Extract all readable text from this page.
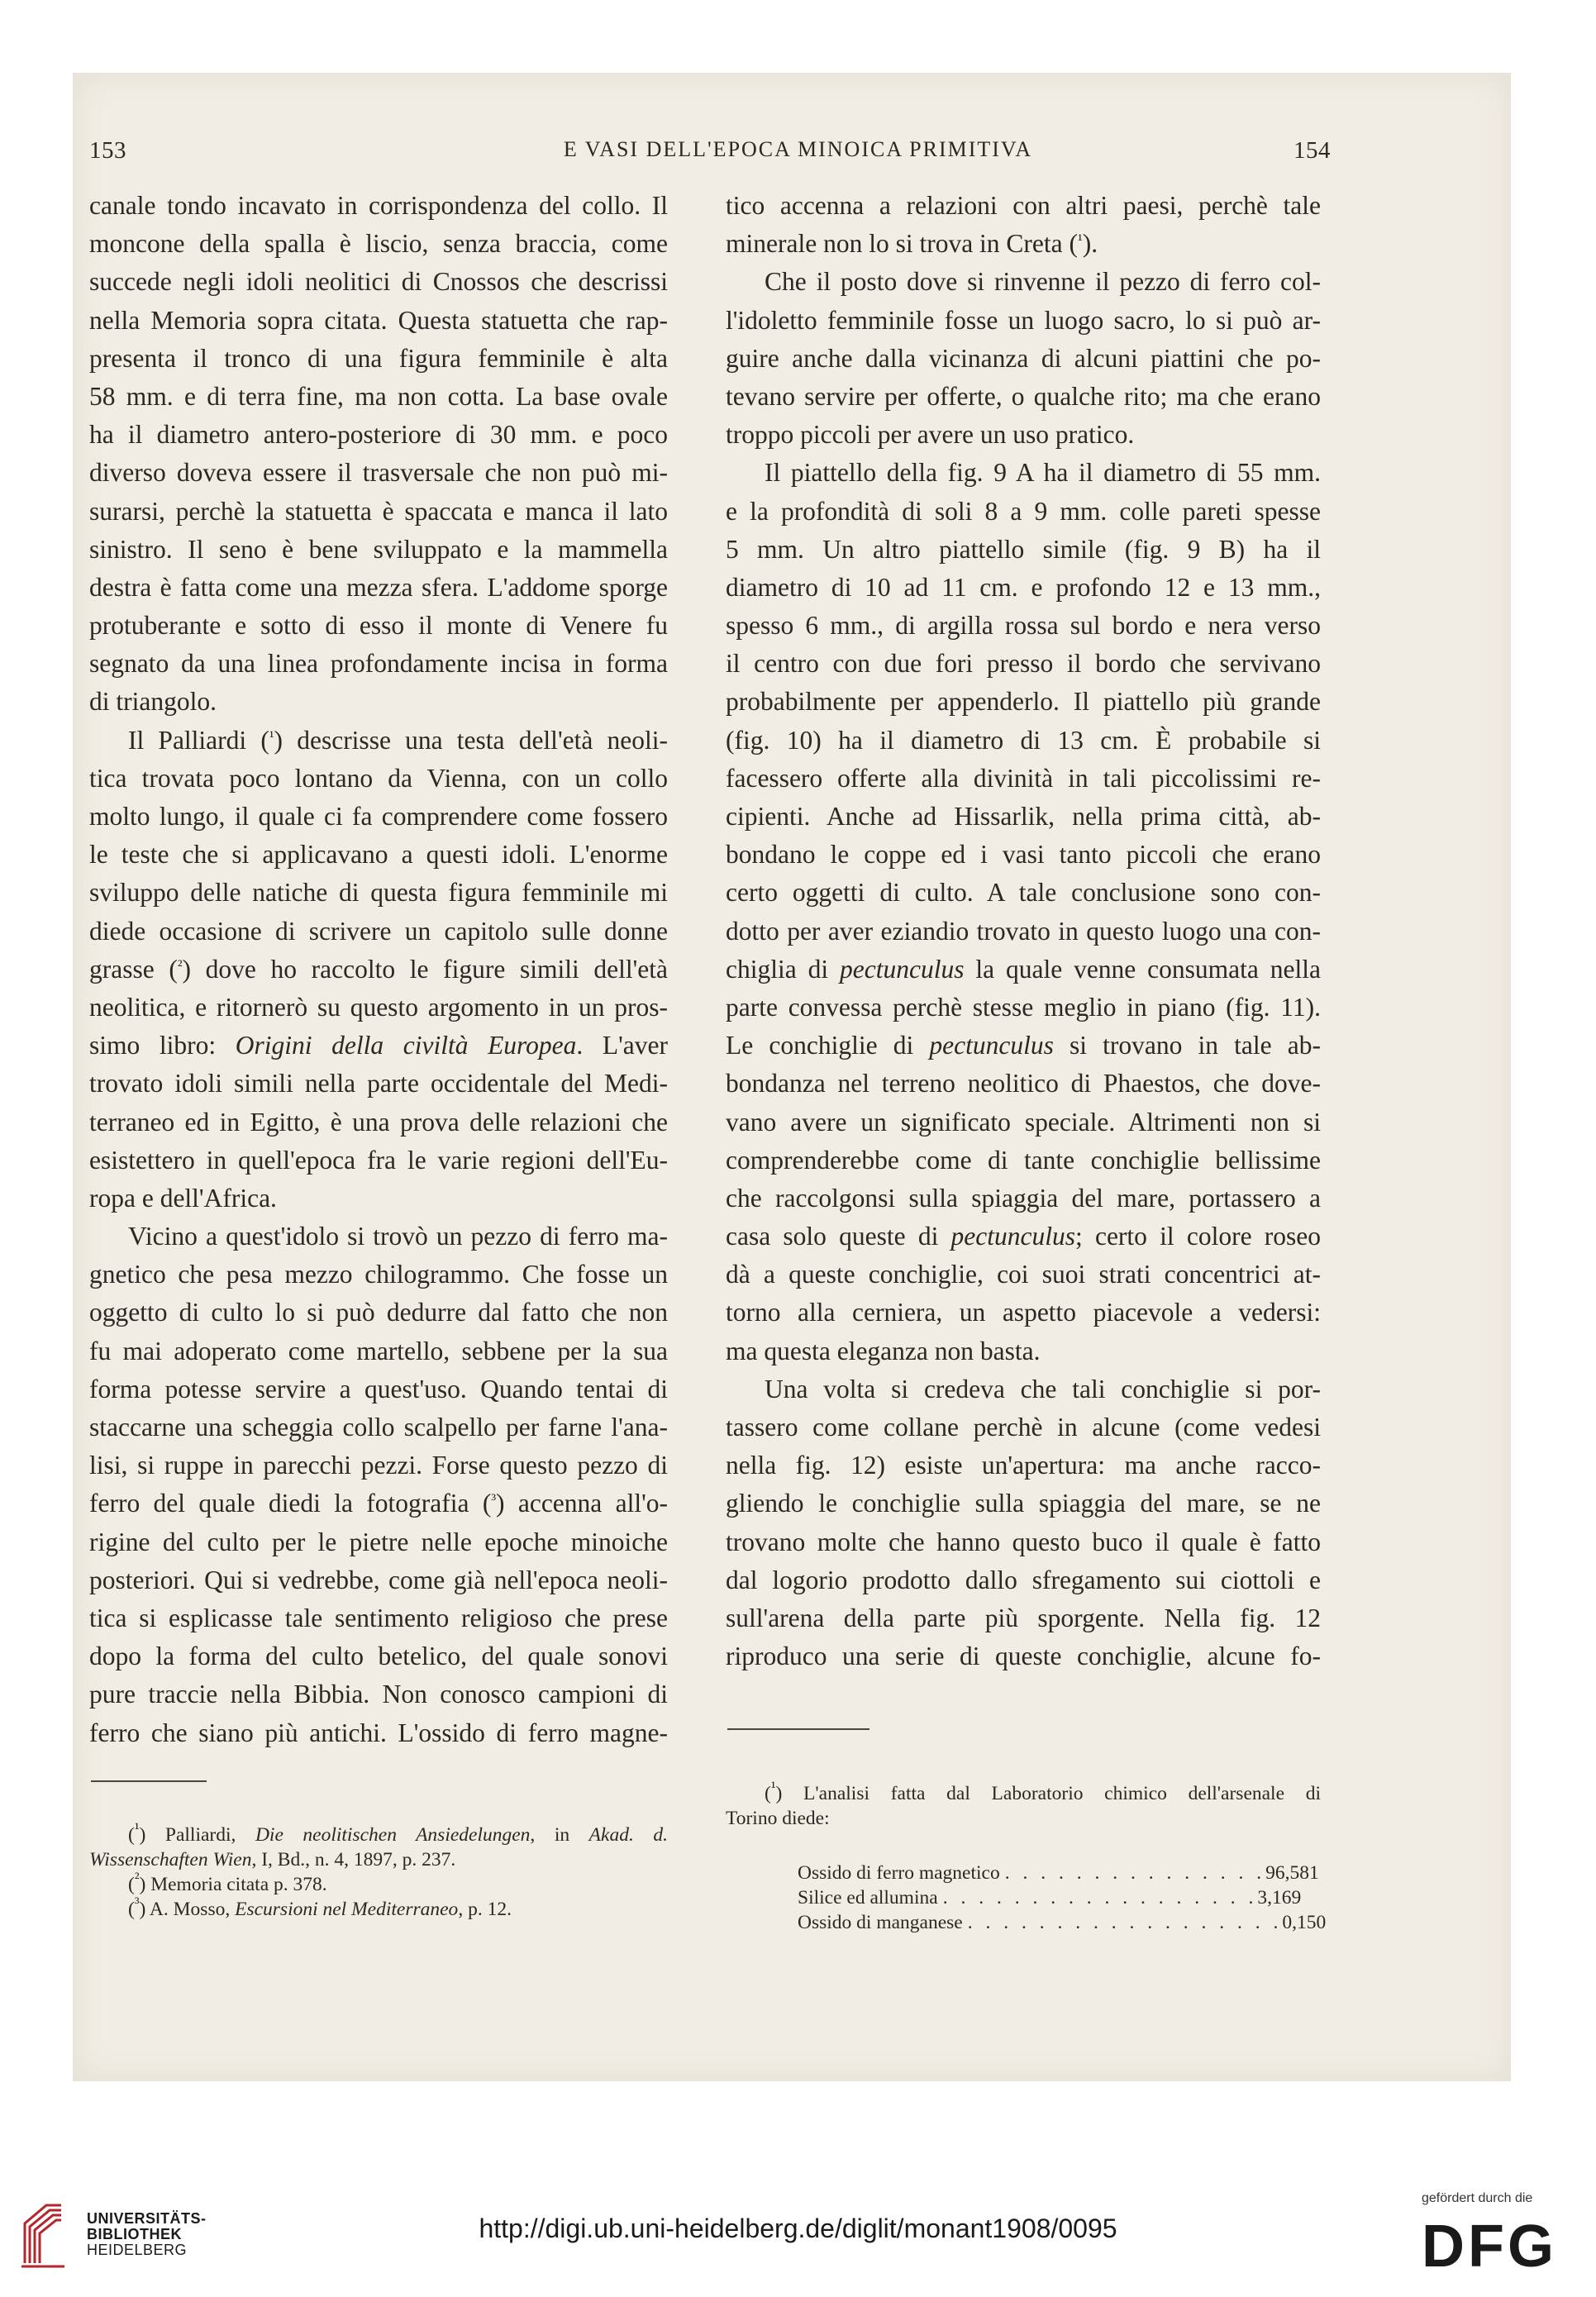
153	E VASI DELL'EPOCA MINOICA PRIMITIVA	154
canale tondo incavato in corrispondenza del collo. Il
moncone della spalla è liscio, senza braccia, come
succede negli idoli neolitici di Cnossos che descrissi
nella Memoria sopra citata. Questa statuetta che rap-
presenta il tronco di una figura femminile è alta
58 mm. e di terra fine, ma non cotta. La base ovale
ha il diametro antero-posteriore di 30 mm. e poco
diverso doveva essere il trasversale che non può mi-
surarsi, perchè la statuetta è spaccata e manca il lato
sinistro. Il seno è bene sviluppato e la mammella
destra è fatta come una mezza sfera. L'addome sporge
protuberante e sotto di esso il monte di Venere fu
segnato da una linea profondamente incisa in forma
di triangolo.
Il Palliardi ($^{^1}$) descrisse una testa dell'età neoli-
tica trovata poco lontano da Vienna, con un collo
molto lungo, il quale ci fa comprendere come fossero
le teste che si applicavano a questi idoli. L'enorme
sviluppo delle natiche di questa figura femminile mi
diede occasione di scrivere un capitolo sulle donne
grasse ($^{^2}$) dove ho raccolto le figure simili dell'età
neolitica, e ritornerò su questo argomento in un pros-
simo libro: Origini della civiltà Europea. L'aver
trovato idoli simili nella parte occidentale del Medi-
terraneo ed in Egitto, è una prova delle relazioni che
esistettero in quell'epoca fra le varie regioni dell'Eu-
ropa e dell'Africa.
Vicino a quest'idolo si trovò un pezzo di ferro ma-
gnetico che pesa mezzo chilogrammo. Che fosse un
oggetto di culto lo si può dedurre dal fatto che non
fu mai adoperato come martello, sebbene per la sua
forma potesse servire a quest'uso. Quando tentai di
staccarne una scheggia collo scalpello per farne l'ana-
lisi, si ruppe in parecchi pezzi. Forse questo pezzo di
ferro del quale diedi la fotografia ($^{^3}$) accenna all'o-
rigine del culto per le pietre nelle epoche minoiche
posteriori. Qui si vedrebbe, come già nell'epoca neoli-
tica si esplicasse tale sentimento religioso che prese
dopo la forma del culto betelico, del quale sonovi
pure traccie nella Bibbia. Non conosco campioni di
ferro che siano più antichi. L'ossido di ferro magne-
tico accenna a relazioni con altri paesi, perchè tale
minerale non lo si trova in Creta ($^{^1}$).
Che il posto dove si rinvenne il pezzo di ferro col-
l'idoletto femminile fosse un luogo sacro, lo si può ar-
guire anche dalla vicinanza di alcuni piattini che po-
tevano servire per offerte, o qualche rito; ma che erano
troppo piccoli per avere un uso pratico.
Il piattello della fig. 9 A ha il diametro di 55 mm.
e la profondità di soli 8 a 9 mm. colle pareti spesse
5 mm. Un altro piattello simile (fig. 9 B) ha il
diametro di 10 ad 11 cm. e profondo 12 e 13 mm.,
spesso 6 mm., di argilla rossa sul bordo e nera verso
il centro con due fori presso il bordo che servivano
probabilmente per appenderlo. Il piattello più grande
(fig. 10) ha il diametro di 13 cm. È probabile si
facessero offerte alla divinità in tali piccolissimi re-
cipienti. Anche ad Hissarlik, nella prima città, ab-
bondano le coppe ed i vasi tanto piccoli che erano
certo oggetti di culto. A tale conclusione sono con-
dotto per aver eziandio trovato in questo luogo una con-
chiglia di pectunculus la quale venne consumata nella
parte convessa perchè stesse meglio in piano (fig. 11).
Le conchiglie di pectunculus si trovano in tale ab-
bondanza nel terreno neolitico di Phaestos, che dove-
vano avere un significato speciale. Altrimenti non si
comprenderebbe come di tante conchiglie bellissime
che raccolgonsi sulla spiaggia del mare, portassero a
casa solo queste di pectunculus; certo il colore roseo
dà a queste conchiglie, coi suoi strati concentrici at-
torno alla cerniera, un aspetto piacevole a vedersi:
ma questa eleganza non basta.
Una volta si credeva che tali conchiglie si por-
tassero come collane perchè in alcune (come vedesi
nella fig. 12) esiste un'apertura: ma anche racco-
gliendo le conchiglie sulla spiaggia del mare, se ne
trovano molte che hanno questo buco il quale è fatto
dal logorio prodotto dallo sfregamento sui ciottoli e
sull'arena della parte più sporgente. Nella fig. 12
riproduco una serie di queste conchiglie, alcune fo-
($^{^1}$) Palliardi, Die neolitischen Ansiedelungen, in Akad. d.
Wissenschaften Wien, I, Bd., n. 4, 1897, p. 237.
($^{^2}$) Memoria citata p. 378.
($^{^3}$) A. Mosso, Escursioni nel Mediterraneo, p. 12.
($^{^1}$) L'analisi fatta dal Laboratorio chimico dell'arsenale di
Torino diede:
Ossido di ferro magnetico . . . . . . . . . . . . . . . 96,581
Silice ed allumina . . . . . . . . . . . . . . . . . . 3,169
Ossido di manganese . . . . . . . . . . . . . . . . . . 0,150
UNIVERSITÄTS-
BIBLIOTHEK
HEIDELBERG
http://digi.ub.uni-heidelberg.de/diglit/monant1908/0095
gefördert durch die
DFG
